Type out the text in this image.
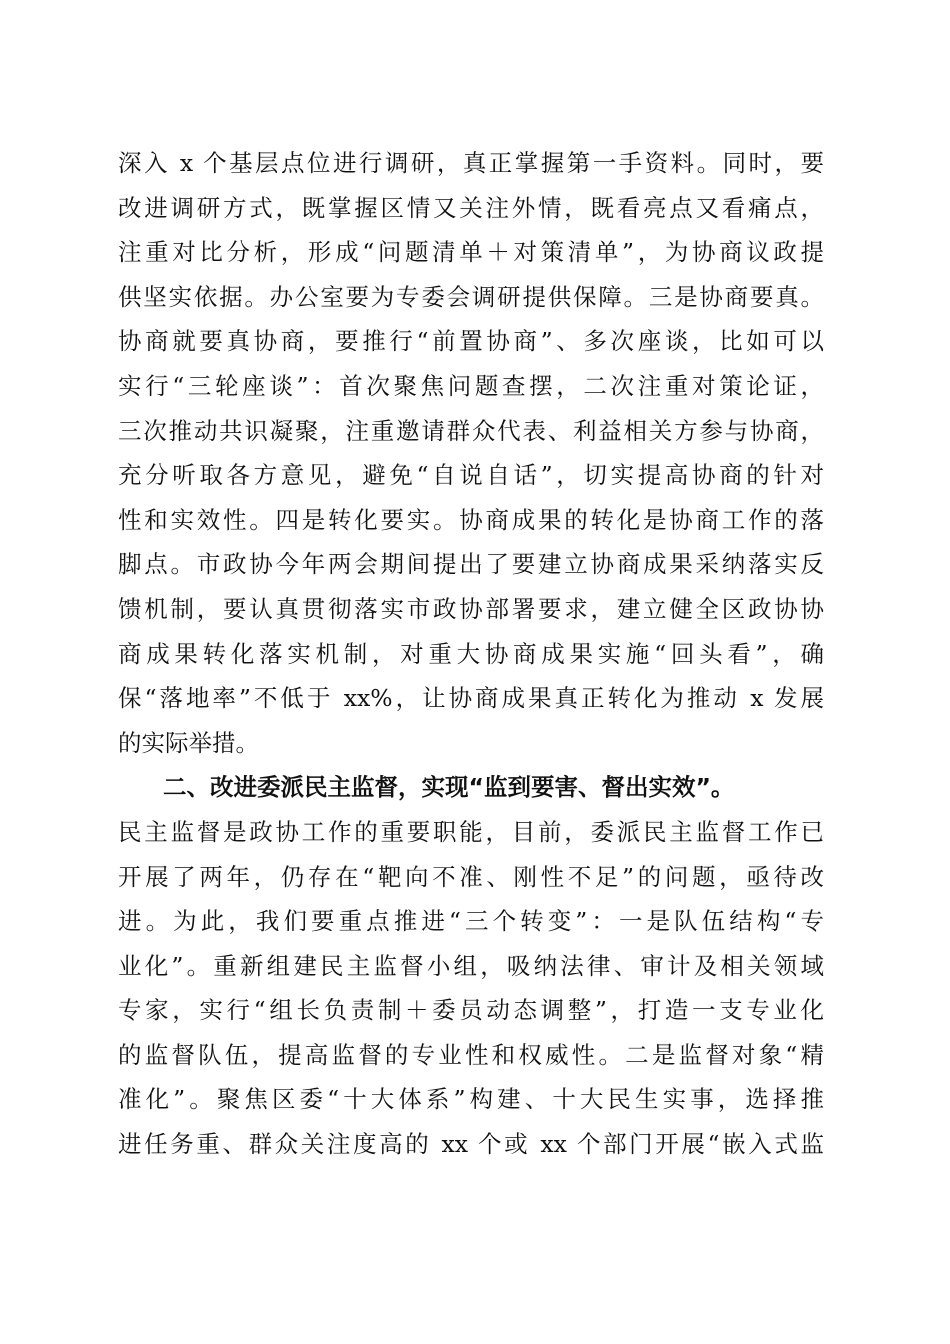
深入 x 个基层点位进行调研，真正掌握第一手资料。同时，要
改进调研方式，既掌握区情又关注外情，既看亮点又看痛点，
注重对比分析，形成“问题清单＋对策清单”，为协商议政提
供坚实依据。办公室要为专委会调研提供保障。三是协商要真。
协商就要真协商，要推行“前置协商”、多次座谈，比如可以
实行“三轮座谈”：首次聚焦问题查摆，二次注重对策论证，
三次推动共识凝聚，注重邀请群众代表、利益相关方参与协商，
充分听取各方意见，避免“自说自话”，切实提高协商的针对
性和实效性。四是转化要实。协商成果的转化是协商工作的落
脚点。市政协今年两会期间提出了要建立协商成果采纳落实反
馈机制，要认真贯彻落实市政协部署要求，建立健全区政协协
商成果转化落实机制，对重大协商成果实施“回头看”，确
保“落地率”不低于 xx%，让协商成果真正转化为推动 x 发展
的实际举措。
二、改进委派民主监督，实现“监到要害、督出实效”。
民主监督是政协工作的重要职能，目前，委派民主监督工作已
开展了两年，仍存在“靶向不准、刚性不足”的问题，亟待改
进。为此，我们要重点推进“三个转变”：一是队伍结构“专
业化”。重新组建民主监督小组，吸纳法律、审计及相关领域
专家，实行“组长负责制＋委员动态调整”，打造一支专业化
的监督队伍，提高监督的专业性和权威性。二是监督对象“精
准化”。聚焦区委“十大体系”构建、十大民生实事，选择推
进任务重、群众关注度高的 xx 个或 xx 个部门开展“嵌入式监
